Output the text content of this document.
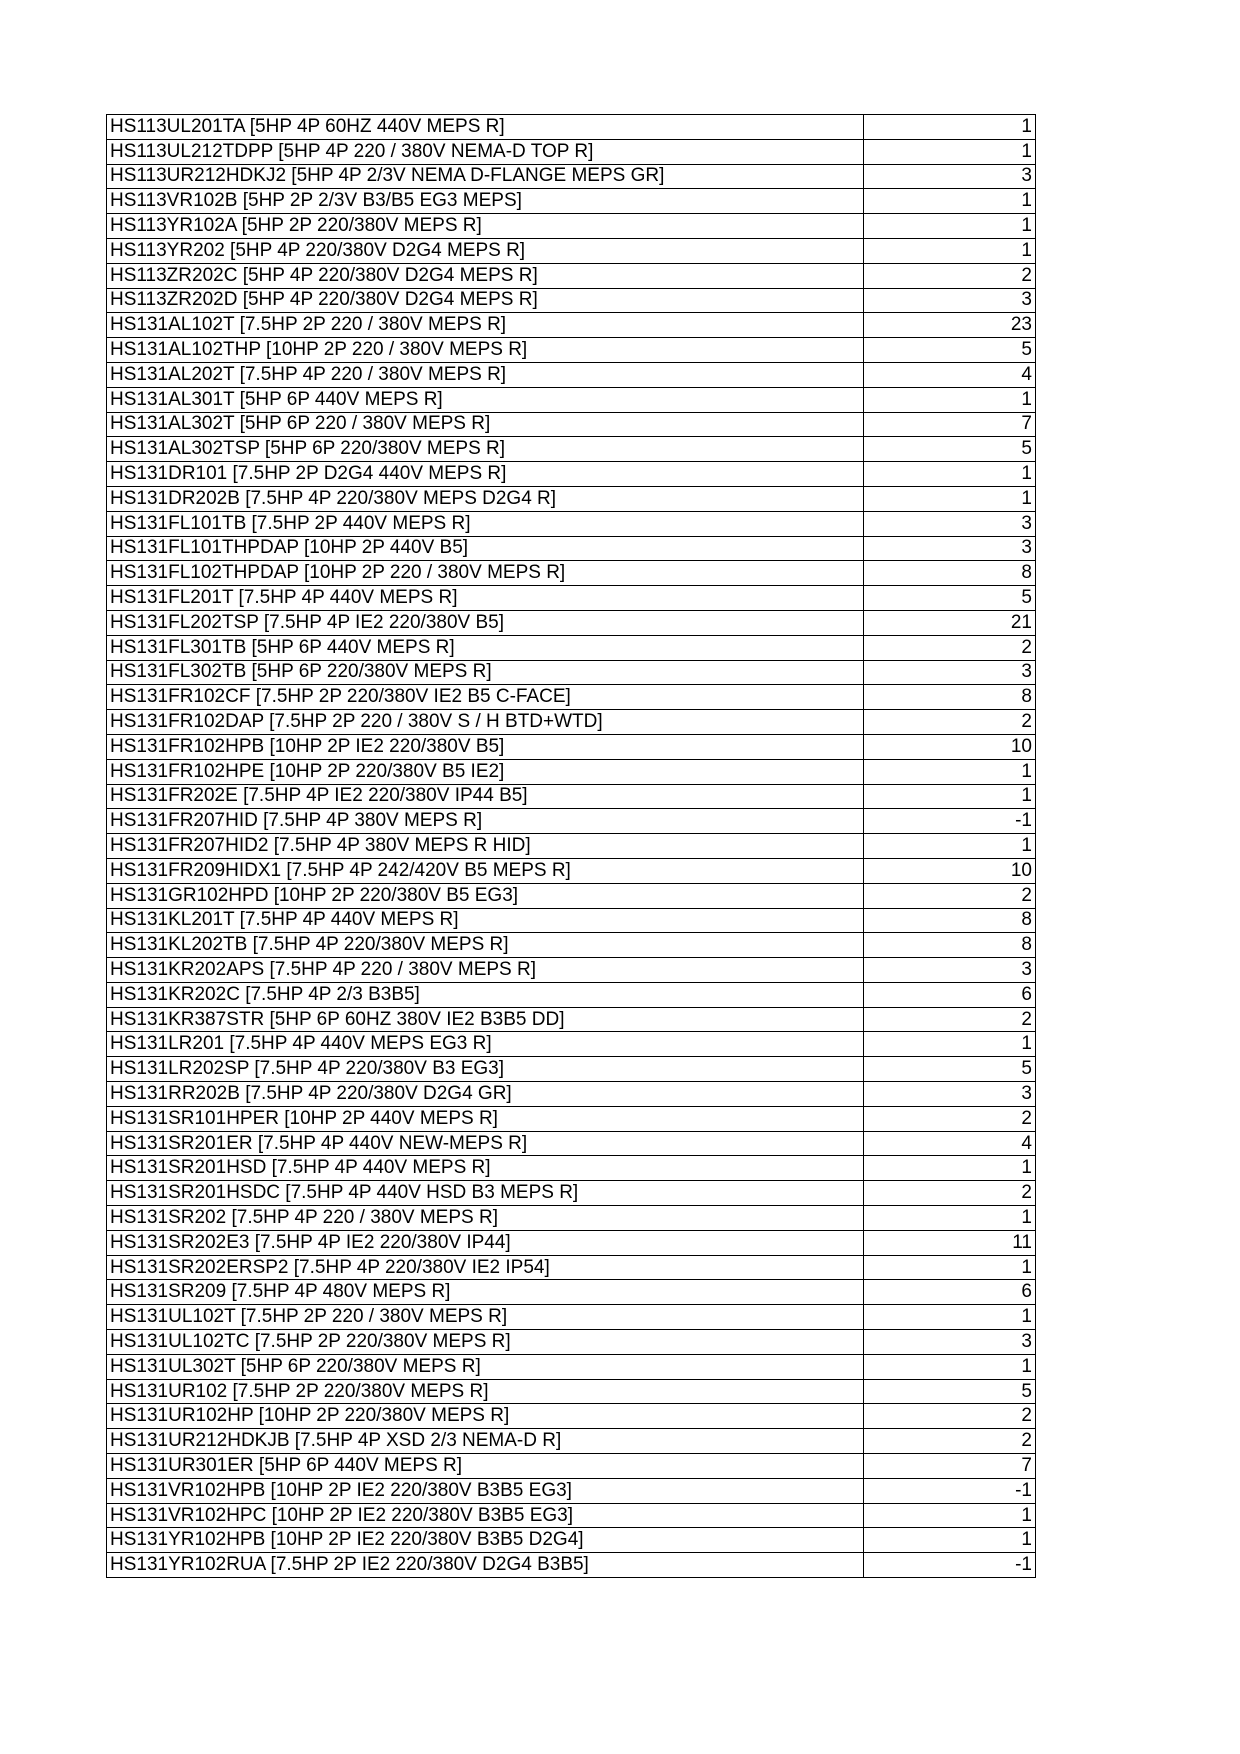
HS113UL201TA [5HP 4P 60HZ 440V MEPS R]	1
HS113UL212TDPP [5HP 4P 220 / 380V NEMA-D TOP R]	1
HS113UR212HDKJ2 [5HP 4P 2/3V NEMA D-FLANGE MEPS GR]	3
HS113VR102B [5HP 2P 2/3V B3/B5 EG3 MEPS]	1
HS113YR102A [5HP 2P 220/380V MEPS R]	1
HS113YR202 [5HP 4P 220/380V D2G4 MEPS R]	1
HS113ZR202C [5HP 4P 220/380V D2G4 MEPS R]	2
HS113ZR202D [5HP 4P 220/380V D2G4 MEPS R]	3
HS131AL102T [7.5HP 2P 220 / 380V MEPS R]	23
HS131AL102THP [10HP 2P 220 / 380V MEPS R]	5
HS131AL202T [7.5HP 4P 220 / 380V MEPS R]	4
HS131AL301T [5HP 6P 440V MEPS R]	1
HS131AL302T [5HP 6P 220 / 380V MEPS R]	7
HS131AL302TSP [5HP 6P 220/380V MEPS R]	5
HS131DR101 [7.5HP 2P D2G4 440V MEPS R]	1
HS131DR202B [7.5HP 4P 220/380V MEPS D2G4 R]	1
HS131FL101TB [7.5HP 2P 440V MEPS R]	3
HS131FL101THPDAP [10HP 2P 440V B5]	3
HS131FL102THPDAP [10HP 2P 220 / 380V MEPS R]	8
HS131FL201T [7.5HP 4P 440V MEPS R]	5
HS131FL202TSP [7.5HP 4P IE2 220/380V B5]	21
HS131FL301TB [5HP 6P 440V MEPS R]	2
HS131FL302TB [5HP 6P 220/380V MEPS R]	3
HS131FR102CF [7.5HP 2P 220/380V IE2 B5 C-FACE]	8
HS131FR102DAP [7.5HP 2P 220 / 380V S / H BTD+WTD]	2
HS131FR102HPB [10HP 2P IE2 220/380V B5]	10
HS131FR102HPE [10HP 2P 220/380V B5 IE2]	1
HS131FR202E [7.5HP 4P IE2 220/380V IP44 B5]	1
HS131FR207HID [7.5HP 4P 380V MEPS R]	-1
HS131FR207HID2 [7.5HP 4P 380V MEPS R HID]	1
HS131FR209HIDX1 [7.5HP 4P 242/420V B5 MEPS R]	10
HS131GR102HPD [10HP 2P 220/380V B5 EG3]	2
HS131KL201T [7.5HP 4P 440V MEPS R]	8
HS131KL202TB [7.5HP 4P 220/380V MEPS R]	8
HS131KR202APS [7.5HP 4P 220 / 380V MEPS R]	3
HS131KR202C [7.5HP 4P 2/3 B3B5]	6
HS131KR387STR [5HP 6P 60HZ 380V IE2 B3B5 DD]	2
HS131LR201 [7.5HP 4P 440V MEPS EG3 R]	1
HS131LR202SP [7.5HP 4P 220/380V B3 EG3]	5
HS131RR202B [7.5HP 4P 220/380V D2G4 GR]	3
HS131SR101HPER [10HP 2P 440V MEPS R]	2
HS131SR201ER [7.5HP 4P 440V NEW-MEPS R]	4
HS131SR201HSD [7.5HP 4P 440V MEPS R]	1
HS131SR201HSDC [7.5HP 4P 440V HSD B3 MEPS R]	2
HS131SR202 [7.5HP 4P 220 / 380V MEPS R]	1
HS131SR202E3 [7.5HP 4P IE2 220/380V IP44]	11
HS131SR202ERSP2 [7.5HP 4P 220/380V IE2 IP54]	1
HS131SR209 [7.5HP 4P 480V MEPS R]	6
HS131UL102T [7.5HP 2P 220 / 380V MEPS R]	1
HS131UL102TC [7.5HP 2P 220/380V MEPS R]	3
HS131UL302T [5HP 6P 220/380V MEPS R]	1
HS131UR102 [7.5HP 2P 220/380V MEPS R]	5
HS131UR102HP [10HP 2P 220/380V MEPS R]	2
HS131UR212HDKJB [7.5HP 4P XSD 2/3 NEMA-D R]	2
HS131UR301ER [5HP 6P 440V MEPS R]	7
HS131VR102HPB [10HP 2P IE2 220/380V B3B5 EG3]	-1
HS131VR102HPC [10HP 2P IE2 220/380V B3B5 EG3]	1
HS131YR102HPB [10HP 2P IE2 220/380V B3B5 D2G4]	1
HS131YR102RUA [7.5HP 2P IE2 220/380V D2G4 B3B5]	-1
